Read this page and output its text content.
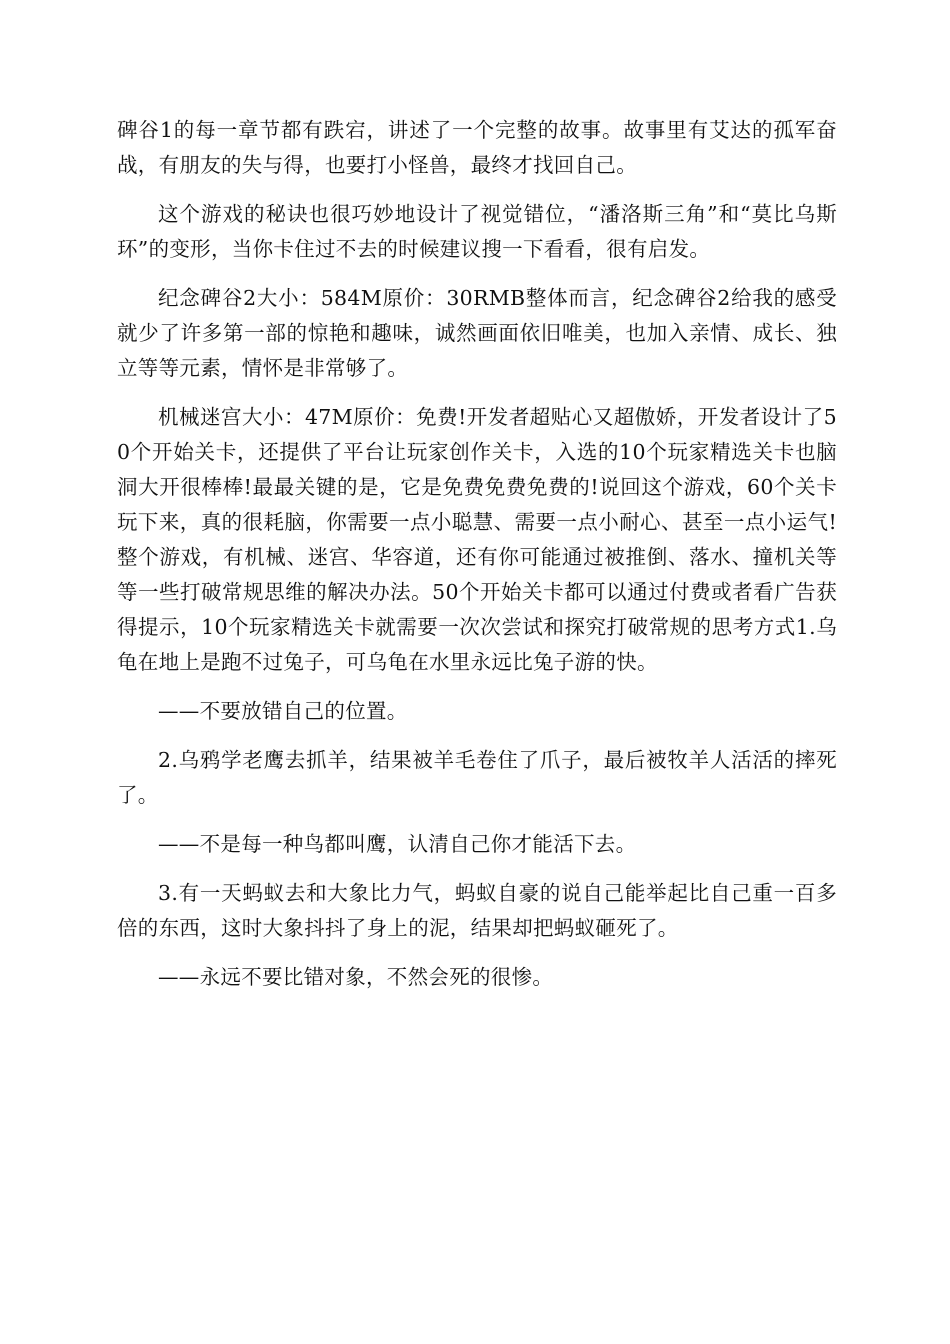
碑谷1的每一章节都有跌宕，讲述了一个完整的故事。故事里有艾达的孤军奋战，有朋友的失与得，也要打小怪兽，最终才找回自己。

这个游戏的秘诀也很巧妙地设计了视觉错位，“潘洛斯三角”和“莫比乌斯环”的变形，当你卡住过不去的时候建议搜一下看看，很有启发。

纪念碑谷2大小：584M原价：30RMB整体而言，纪念碑谷2给我的感受就少了许多第一部的惊艳和趣味，诚然画面依旧唯美，也加入亲情、成长、独立等等元素，情怀是非常够了。

机械迷宫大小：47M原价：免费!开发者超贴心又超傲娇，开发者设计了50个开始关卡，还提供了平台让玩家创作关卡，入选的10个玩家精选关卡也脑洞大开很棒棒!最最关键的是，它是免费免费免费的!说回这个游戏，60个关卡玩下来，真的很耗脑，你需要一点小聪慧、需要一点小耐心、甚至一点小运气!整个游戏，有机械、迷宫、华容道，还有你可能通过被推倒、落水、撞机关等等一些打破常规思维的解决办法。50个开始关卡都可以通过付费或者看广告获得提示，10个玩家精选关卡就需要一次次尝试和探究打破常规的思考方式1.乌龟在地上是跑不过兔子，可乌龟在水里永远比兔子游的快。

——不要放错自己的位置。

2.乌鸦学老鹰去抓羊，结果被羊毛卷住了爪子，最后被牧羊人活活的摔死了。

——不是每一种鸟都叫鹰，认清自己你才能活下去。

3.有一天蚂蚁去和大象比力气，蚂蚁自豪的说自己能举起比自己重一百多倍的东西，这时大象抖抖了身上的泥，结果却把蚂蚁砸死了。

——永远不要比错对象，不然会死的很惨。
